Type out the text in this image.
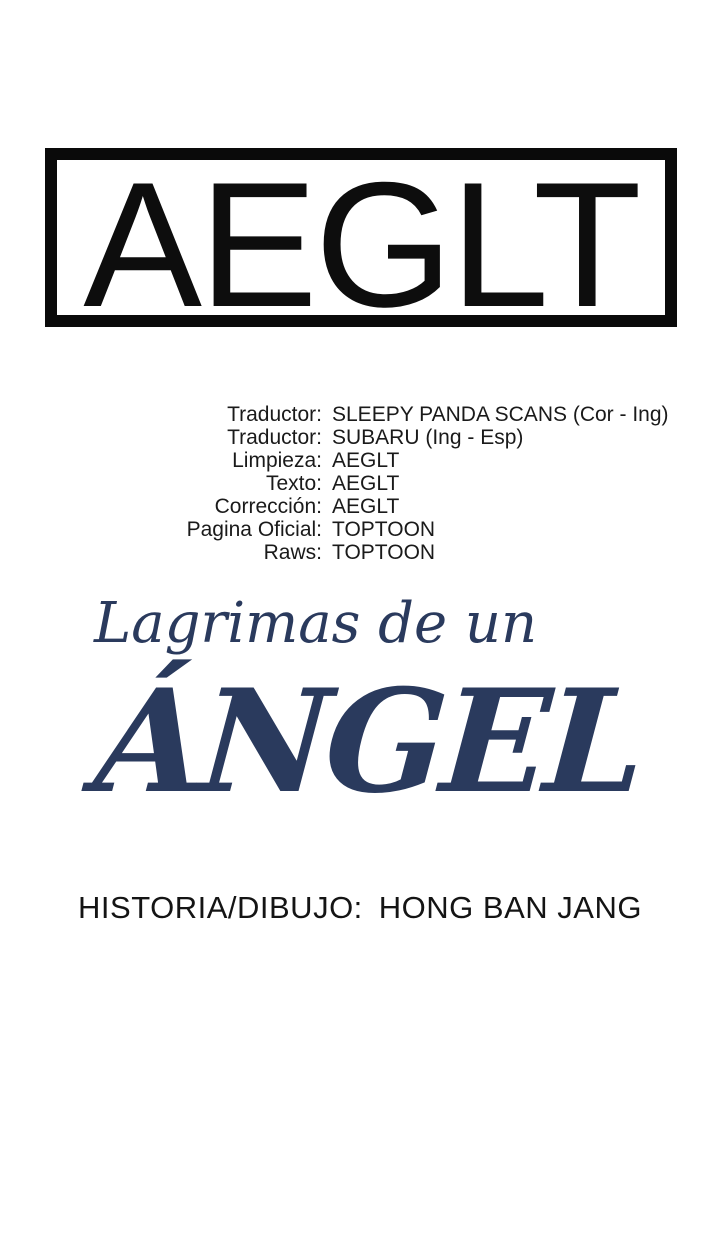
AEGLT
Traductor: SLEEPY PANDA SCANS (Cor - Ing)
Traductor: SUBARU (Ing - Esp)
Limpieza: AEGLT
Texto: AEGLT
Corrección: AEGLT
Pagina Oficial: TOPTOON
Raws: TOPTOON
Lagrimas de un
ÁNGEL
HISTORIA/DIBUJO: HONG BAN JANG
